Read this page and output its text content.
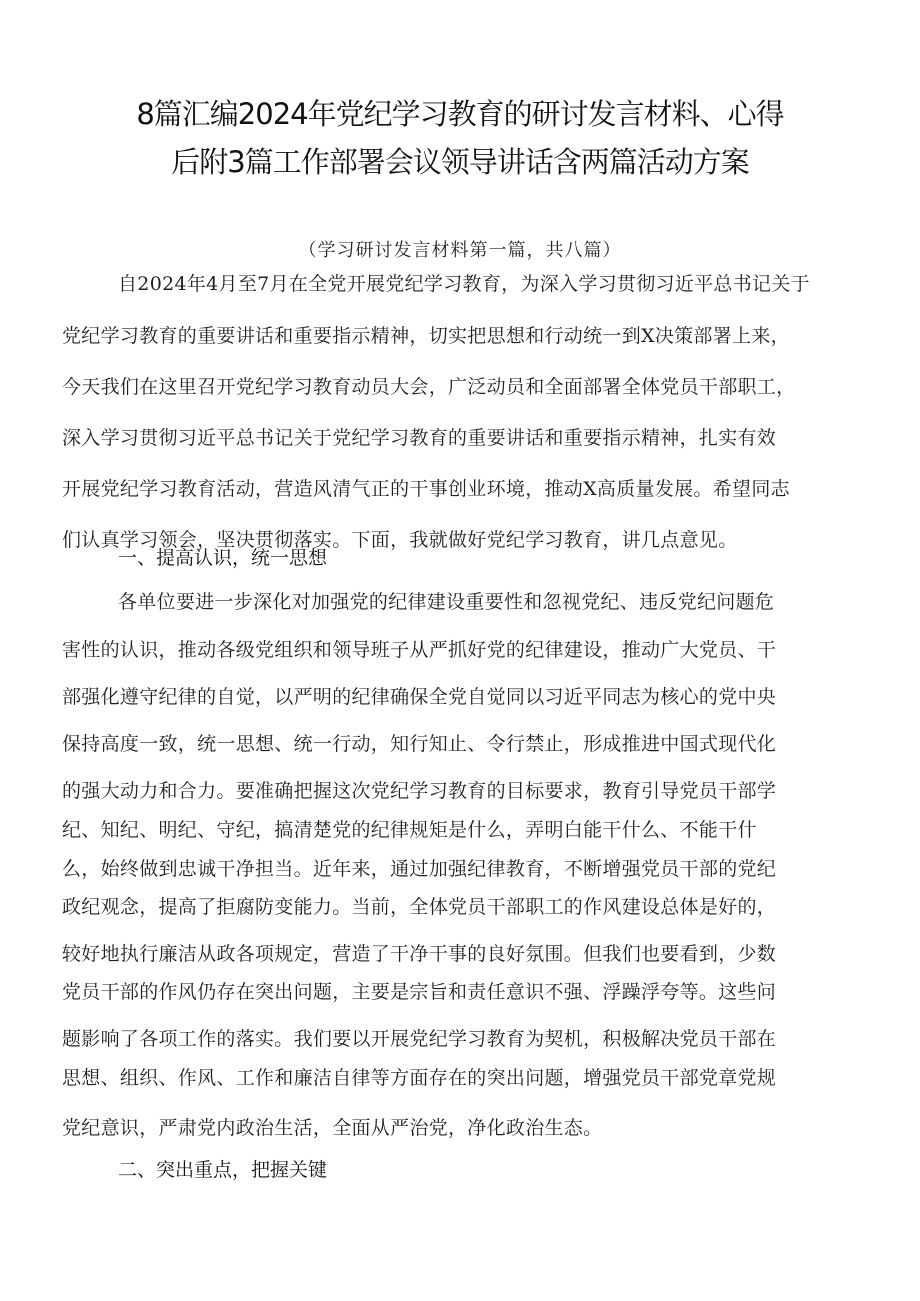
8篇汇编2024年党纪学习教育的研讨发言材料、心得
后附3篇工作部署会议领导讲话含两篇活动方案
（学习研讨发言材料第一篇，共八篇）
自2024年4月至7月在全党开展党纪学习教育，为深入学习贯彻习近平总书记关于
党纪学习教育的重要讲话和重要指示精神，切实把思想和行动统一到X决策部署上来，
今天我们在这里召开党纪学习教育动员大会，广泛动员和全面部署全体党员干部职工，
深入学习贯彻习近平总书记关于党纪学习教育的重要讲话和重要指示精神，扎实有效
开展党纪学习教育活动，营造风清气正的干事创业环境，推动X高质量发展。希望同志
们认真学习领会，坚决贯彻落实。下面，我就做好党纪学习教育，讲几点意见。
一、提高认识，统一思想
各单位要进一步深化对加强党的纪律建设重要性和忽视党纪、违反党纪问题危
害性的认识，推动各级党组织和领导班子从严抓好党的纪律建设，推动广大党员、干
部强化遵守纪律的自觉，以严明的纪律确保全党自觉同以习近平同志为核心的党中央
保持高度一致，统一思想、统一行动，知行知止、令行禁止，形成推进中国式现代化
的强大动力和合力。要准确把握这次党纪学习教育的目标要求，教育引导党员干部学
纪、知纪、明纪、守纪，搞清楚党的纪律规矩是什么，弄明白能干什么、不能干什
么，始终做到忠诚干净担当。近年来，通过加强纪律教育，不断增强党员干部的党纪
政纪观念，提高了拒腐防变能力。当前，全体党员干部职工的作风建设总体是好的，
较好地执行廉洁从政各项规定，营造了干净干事的良好氛围。但我们也要看到，少数
党员干部的作风仍存在突出问题，主要是宗旨和责任意识不强、浮躁浮夸等。这些问
题影响了各项工作的落实。我们要以开展党纪学习教育为契机，积极解决党员干部在
思想、组织、作风、工作和廉洁自律等方面存在的突出问题，增强党员干部党章党规
党纪意识，严肃党内政治生活，全面从严治党，净化政治生态。
二、突出重点，把握关键
